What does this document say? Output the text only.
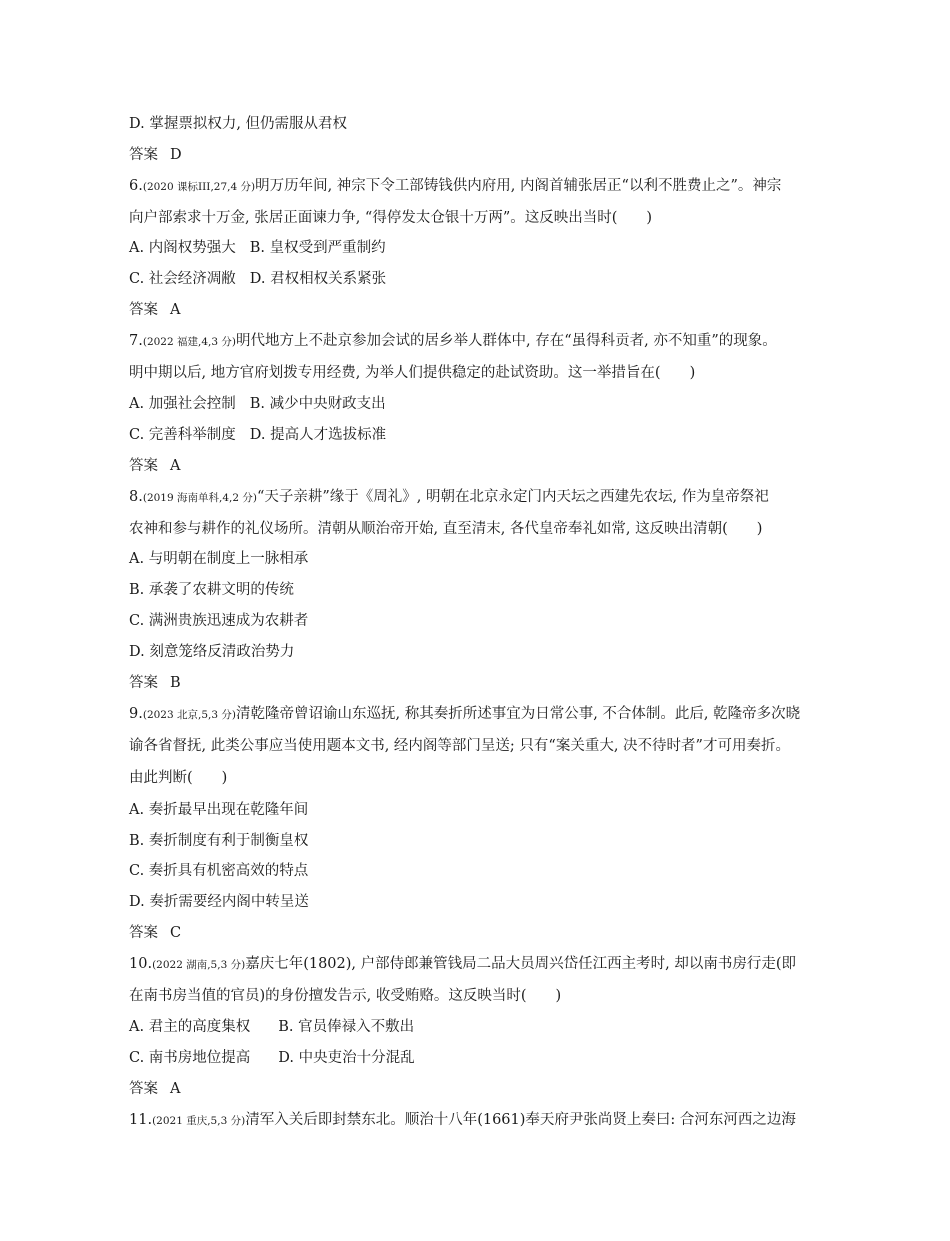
D. 掌握票拟权力, 但仍需服从君权
答案 D
6.(2020 课标III,27,4 分)明万历年间, 神宗下令工部铸钱供内府用, 内阁首辅张居正“以利不胜费止之”。神宗
向户部索求十万金, 张居正面谏力争, “得停发太仓银十万两”。这反映出当时(　　)
A. 内阁权势强大 B. 皇权受到严重制约
C. 社会经济凋敝 D. 君权相权关系紧张
答案 A
7.(2022 福建,4,3 分)明代地方上不赴京参加会试的居乡举人群体中, 存在“虽得科贡者, 亦不知重”的现象。
明中期以后, 地方官府划拨专用经费, 为举人们提供稳定的赴试资助。这一举措旨在(　　)
A. 加强社会控制 B. 减少中央财政支出
C. 完善科举制度 D. 提高人才选拔标准
答案 A
8.(2019 海南单科,4,2 分)“天子亲耕”缘于《周礼》, 明朝在北京永定门内天坛之西建先农坛, 作为皇帝祭祀
农神和参与耕作的礼仪场所。清朝从顺治帝开始, 直至清末, 各代皇帝奉礼如常, 这反映出清朝(　　)
A. 与明朝在制度上一脉相承
B. 承袭了农耕文明的传统
C. 满洲贵族迅速成为农耕者
D. 刻意笼络反清政治势力
答案 B
9.(2023 北京,5,3 分)清乾隆帝曾诏谕山东巡抚, 称其奏折所述事宜为日常公事, 不合体制。此后, 乾隆帝多次晓
谕各省督抚, 此类公事应当使用题本文书, 经内阁等部门呈送; 只有“案关重大, 决不待时者”才可用奏折。
由此判断(　　)
A. 奏折最早出现在乾隆年间
B. 奏折制度有利于制衡皇权
C. 奏折具有机密高效的特点
D. 奏折需要经内阁中转呈送
答案 C
10.(2022 湖南,5,3 分)嘉庆七年(1802), 户部侍郎兼管钱局二品大员周兴岱任江西主考时, 却以南书房行走(即
在南书房当值的官员)的身份擅发告示, 收受贿赂。这反映当时(　　)
A. 君主的高度集权 B. 官员俸禄入不敷出
C. 南书房地位提高 D. 中央吏治十分混乱
答案 A
11.(2021 重庆,5,3 分)清军入关后即封禁东北。顺治十八年(1661)奉天府尹张尚贤上奏曰: 合河东河西之边海
